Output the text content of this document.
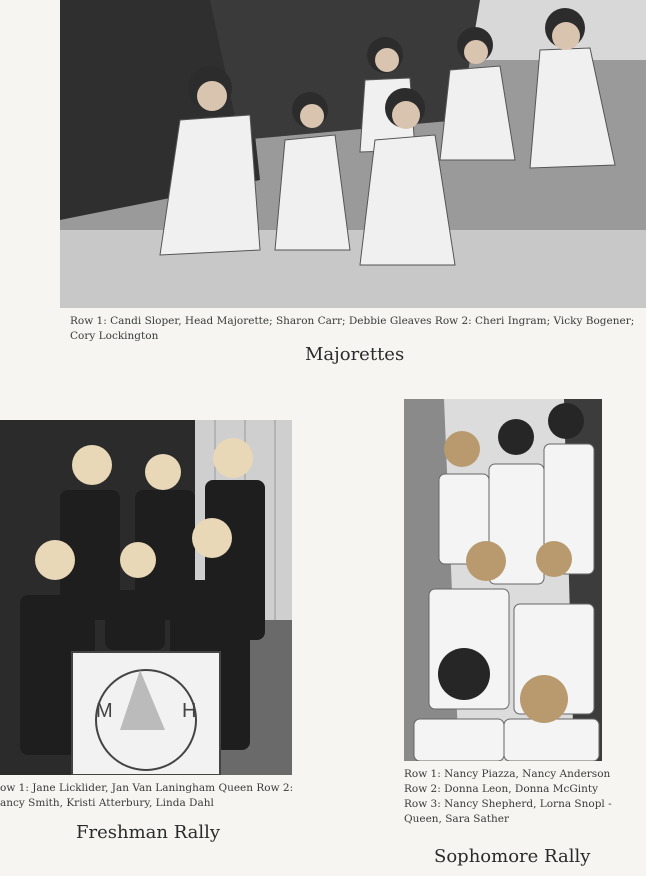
Row 1: Candi Sloper, Head Majorette; Sharon Carr; Debbie Gleaves Row 2: Cheri Ingram; Vicky Bogener;
Cory Lockington
Majorettes
M	H
ow 1: Jane Licklider, Jan Van Laningham Queen Row 2:
ancy Smith, Kristi Atterbury, Linda Dahl
Freshman Rally
Row 1: Nancy Piazza, Nancy Anderson
Row 2: Donna Leon, Donna McGinty
Row 3: Nancy Shepherd, Lorna Snopl -
Queen, Sara Sather
Sophomore Rally
